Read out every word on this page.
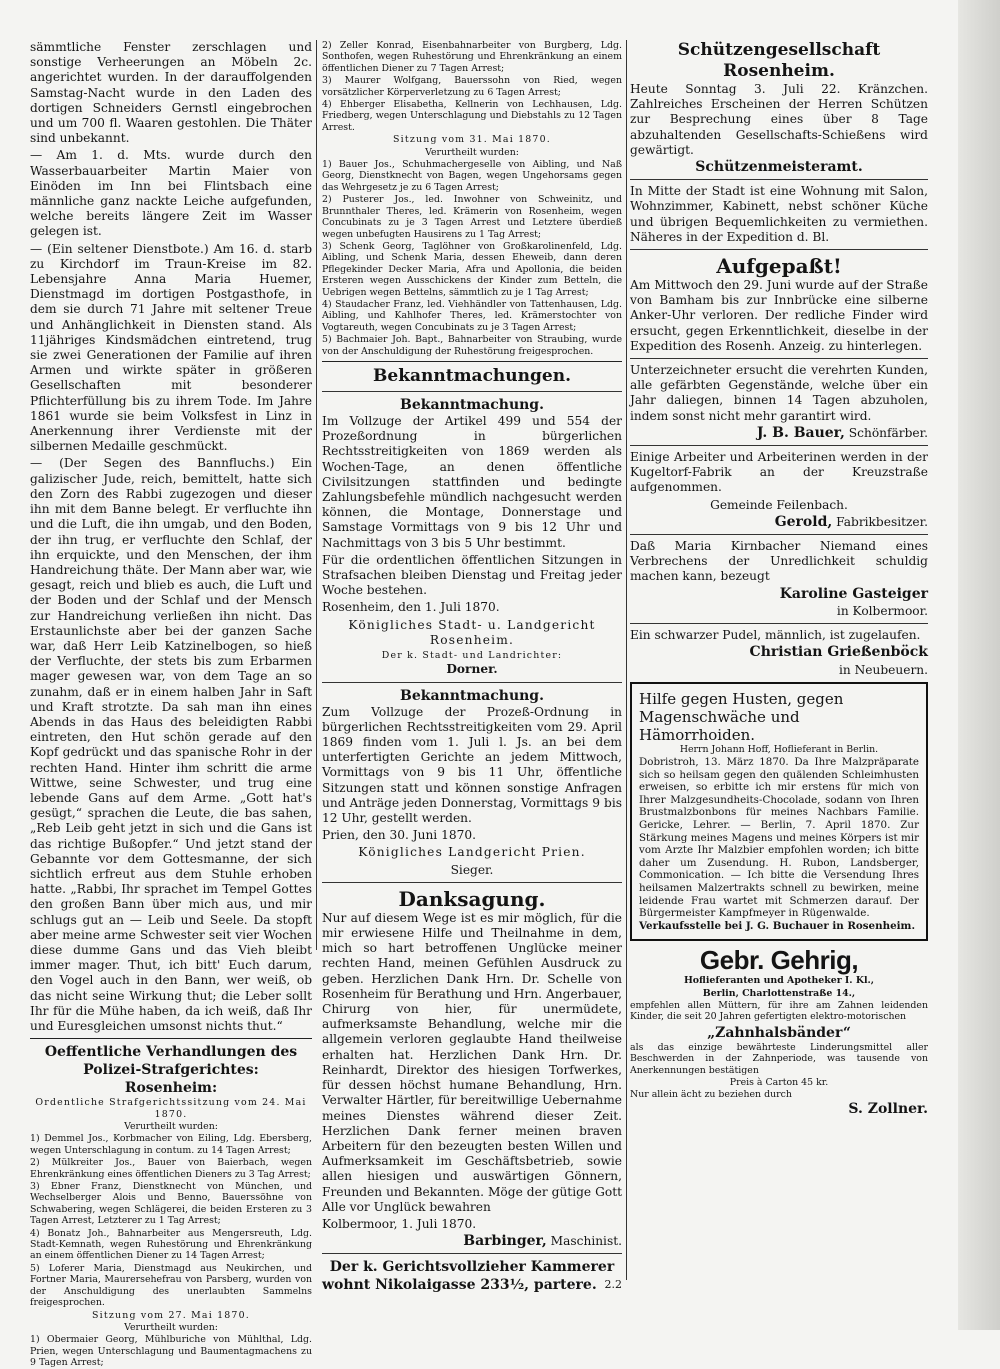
sämmtliche Fenster zerschlagen und sonstige Verheerungen an Möbeln 2c. angerichtet wurden. In der darauffolgenden Samstag-Nacht wurde in den Laden des dortigen Schneiders Gernstl eingebrochen und um 700 fl. Waaren gestohlen. Die Thäter sind unbekannt.

— Am 1. d. Mts. wurde durch den Wasserbauarbeiter Martin Maier von Einöden im Inn bei Flintsbach eine männliche ganz nackte Leiche aufgefunden, welche bereits längere Zeit im Wasser gelegen ist.

— (Ein seltener Dienstbote.) Am 16. d. starb zu Kirchdorf im Traun-Kreise im 82. Lebensjahre Anna Maria Huemer, Dienstmagd im dortigen Postgasthofe, in dem sie durch 71 Jahre mit seltener Treue und Anhänglichkeit in Diensten stand. Als 11jähriges Kindsmädchen eintretend, trug sie zwei Generationen der Familie auf ihren Armen und wirkte später in größeren Gesellschaften mit besonderer Pflichterfüllung bis zu ihrem Tode. Im Jahre 1861 wurde sie beim Volksfest in Linz in Anerkennung ihrer Verdienste mit der silbernen Medaille geschmückt.

— (Der Segen des Bannfluchs.) Ein galizischer Jude, reich, bemittelt, hatte sich den Zorn des Rabbi zugezogen und dieser ihn mit dem Banne belegt. Er verfluchte ihn und die Luft, die ihn umgab, und den Boden, der ihn trug, er verfluchte den Schlaf, der ihn erquickte, und den Menschen, der ihm Handreichung thäte. Der Mann aber war, wie gesagt, reich und blieb es auch, die Luft und der Boden und der Schlaf und der Mensch zur Handreichung verließen ihn nicht. Das Erstaunlichste aber bei der ganzen Sache war, daß Herr Leib Katzinelbogen, so hieß der Verfluchte, der stets bis zum Erbarmen mager gewesen war, von dem Tage an so zunahm, daß er in einem halben Jahr in Saft und Kraft strotzte. Da sah man ihn eines Abends in das Haus des beleidigten Rabbi eintreten, den Hut schön gerade auf den Kopf gedrückt und das spanische Rohr in der rechten Hand. Hinter ihm schritt die arme Wittwe, seine Schwester, und trug eine lebende Gans auf dem Arme. „Gott hat's gesügt,“ sprachen die Leute, die bas sahen, „Reb Leib geht jetzt in sich und die Gans ist das richtige Bußopfer.“ Und jetzt stand der Gebannte vor dem Gottesmanne, der sich sichtlich erfreut aus dem Stuhle erhoben hatte. „Rabbi, Ihr sprachet im Tempel Gottes den großen Bann über mich aus, und mir schlugs gut an — Leib und Seele. Da stopft aber meine arme Schwester seit vier Wochen diese dumme Gans und das Vieh bleibt immer mager. Thut, ich bitt' Euch darum, den Vogel auch in den Bann, wer weiß, ob das nicht seine Wirkung thut; die Leber sollt Ihr für die Mühe haben, da ich weiß, daß Ihr und Euresgleichen umsonst nichts thut.“

Oeffentliche Verhandlungen des Polizei-Strafgerichtes:

Rosenheim:

Ordentliche Strafgerichtssitzung vom 24. Mai 1870.

Verurtheilt wurden:

1) Demmel Jos., Korbmacher von Eiling, Ldg. Ebersberg, wegen Unterschlagung in contum. zu 14 Tagen Arrest;

2) Mülkreiter Jos., Bauer von Baierbach, wegen Ehrenkränkung eines öffentlichen Dieners zu 3 Tag Arrest;

3) Ebner Franz, Dienstknecht von München, und Wechselberger Alois und Benno, Bauerssöhne von Schwabering, wegen Schlägerei, die beiden Ersteren zu 3 Tagen Arrest, Letzterer zu 1 Tag Arrest;

4) Bonatz Joh., Bahnarbeiter aus Mengersreuth, Ldg. Stadt-Kemnath, wegen Ruhestörung und Ehrenkränkung an einem öffentlichen Diener zu 14 Tagen Arrest;

5) Loferer Maria, Dienstmagd aus Neukirchen, und Fortner Maria, Maurersehefrau von Parsberg, wurden von der Anschuldigung des unerlaubten Sammelns freigesprochen.

Sitzung vom 27. Mai 1870.

Verurtheilt wurden:

1) Obermaier Georg, Mühlburiche von Mühlthal, Ldg. Prien, wegen Unterschlagung und Baumentagmachens zu 9 Tagen Arrest;

2) Zeller Konrad, Eisenbahnarbeiter von Burgberg, Ldg. Sonthofen, wegen Ruhestörung und Ehrenkränkung an einem öffentlichen Diener zu 7 Tagen Arrest;

3) Maurer Wolfgang, Bauerssohn von Ried, wegen vorsätzlicher Körperverletzung zu 6 Tagen Arrest;

4) Ehberger Elisabetha, Kellnerin von Lechhausen, Ldg. Friedberg, wegen Unterschlagung und Diebstahls zu 12 Tagen Arrest.

Sitzung vom 31. Mai 1870.

Verurtheilt wurden:

1) Bauer Jos., Schuhmachergeselle von Aibling, und Naß Georg, Dienstknecht von Bagen, wegen Ungehorsams gegen das Wehrgesetz je zu 6 Tagen Arrest;

2) Pusterer Jos., led. Inwohner von Schweinitz, und Brunnthaler Theres, led. Krämerin von Rosenheim, wegen Concubinats zu je 3 Tagen Arrest und Letztere überdieß wegen unbefugten Hausirens zu 1 Tag Arrest;

3) Schenk Georg, Taglöhner von Großkarolinenfeld, Ldg. Aibling, und Schenk Maria, dessen Eheweib, dann deren Pflegekinder Decker Maria, Afra und Apollonia, die beiden Ersteren wegen Ausschickens der Kinder zum Betteln, die Uebrigen wegen Bettelns, sämmtlich zu je 1 Tag Arrest;

4) Staudacher Franz, led. Viehhändler von Tattenhausen, Ldg. Aibling, und Kahlhofer Theres, led. Krämerstochter von Vogtareuth, wegen Concubinats zu je 3 Tagen Arrest;

5) Bachmaier Joh. Bapt., Bahnarbeiter von Straubing, wurde von der Anschuldigung der Ruhestörung freigesprochen.

Bekanntmachungen.

Bekanntmachung.

Im Vollzuge der Artikel 499 und 554 der Prozeßordnung in bürgerlichen Rechtsstreitigkeiten von 1869 werden als Wochen-Tage, an denen öffentliche Civilsitzungen stattfinden und bedingte Zahlungsbefehle mündlich nachgesucht werden können, die Montage, Donnerstage und Samstage Vormittags von 9 bis 12 Uhr und Nachmittags von 3 bis 5 Uhr bestimmt.

Für die ordentlichen öffentlichen Sitzungen in Strafsachen bleiben Dienstag und Freitag jeder Woche bestehen.

Rosenheim, den 1. Juli 1870.

Königliches Stadt- u. Landgericht Rosenheim.

Der k. Stadt- und Landrichter:

Dorner.

Bekanntmachung.

Zum Vollzuge der Prozeß-Ordnung in bürgerlichen Rechtsstreitigkeiten vom 29. April 1869 finden vom 1. Juli l. Js. an bei dem unterfertigten Gerichte an jedem Mittwoch, Vormittags von 9 bis 11 Uhr, öffentliche Sitzungen statt und können sonstige Anfragen und Anträge jeden Donnerstag, Vormittags 9 bis 12 Uhr, gestellt werden.

Prien, den 30. Juni 1870.

Königliches Landgericht Prien.

Sieger.

Danksagung.

Nur auf diesem Wege ist es mir möglich, für die mir erwiesene Hilfe und Theilnahme in dem, mich so hart betroffenen Unglücke meiner rechten Hand, meinen Gefühlen Ausdruck zu geben. Herzlichen Dank Hrn. Dr. Schelle von Rosenheim für Berathung und Hrn. Angerbauer, Chirurg von hier, für unermüdete, aufmerksamste Behandlung, welche mir die allgemein verloren geglaubte Hand theilweise erhalten hat. Herzlichen Dank Hrn. Dr. Reinhardt, Direktor des hiesigen Torfwerkes, für dessen höchst humane Behandlung, Hrn. Verwalter Härtler, für bereitwillige Uebernahme meines Dienstes während dieser Zeit. Herzlichen Dank ferner meinen braven Arbeitern für den bezeugten besten Willen und Aufmerksamkeit im Geschäftsbetrieb, sowie allen hiesigen und auswärtigen Gönnern, Freunden und Bekannten. Möge der gütige Gott Alle vor Unglück bewahren

Kolbermoor, 1. Juli 1870.

Barbinger, Maschinist.

Der k. Gerichtsvollzieher Kammerer

wohnt Nikolaigasse 233½, partere. 2.2

Schützengesellschaft Rosenheim.

Heute Sonntag 3. Juli 22. Kränzchen. Zahlreiches Erscheinen der Herren Schützen zur Besprechung eines über 8 Tage abzuhaltenden Gesellschafts-Schießens wird gewärtigt.

Schützenmeisteramt.

In Mitte der Stadt ist eine Wohnung mit Salon, Wohnzimmer, Kabinett, nebst schöner Küche und übrigen Bequemlichkeiten zu vermiethen. Näheres in der Expedition d. Bl.

Aufgepaßt!

Am Mittwoch den 29. Juni wurde auf der Straße von Bamham bis zur Innbrücke eine silberne Anker-Uhr verloren. Der redliche Finder wird ersucht, gegen Erkenntlichkeit, dieselbe in der Expedition des Rosenh. Anzeig. zu hinterlegen.

Unterzeichneter ersucht die verehrten Kunden, alle gefärbten Gegenstände, welche über ein Jahr daliegen, binnen 14 Tagen abzuholen, indem sonst nicht mehr garantirt wird.

J. B. Bauer, Schönfärber.

Einige Arbeiter und Arbeiterinen werden in der Kugeltorf-Fabrik an der Kreuzstraße aufgenommen.

Gemeinde Feilenbach.

Gerold, Fabrikbesitzer.

Daß Maria Kirnbacher Niemand eines Verbrechens der Unredlichkeit schuldig machen kann, bezeugt

Karoline Gasteiger

in Kolbermoor.

Ein schwarzer Pudel, männlich, ist zugelaufen.

Christian Grießenböck

in Neubeuern.

Hilfe gegen Husten, gegen Magenschwäche und Hämorrhoiden.

Herrn Johann Hoff, Hoflieferant in Berlin.

Dobristroh, 13. März 1870. Da Ihre Malzpräparate sich so heilsam gegen den quälenden Schleimhusten erweisen, so erbitte ich mir erstens für mich von Ihrer Malzgesundheits-Chocolade, sodann von Ihren Brustmalzbonbons für meines Nachbars Familie. Gericke, Lehrer. — Berlin, 7. April 1870. Zur Stärkung meines Magens und meines Körpers ist mir vom Arzte Ihr Malzbier empfohlen worden; ich bitte daher um Zusendung. H. Rubon, Landsberger, Commonication. — Ich bitte die Versendung Ihres heilsamen Malzertrakts schnell zu bewirken, meine leidende Frau wartet mit Schmerzen darauf. Der Bürgermeister Kampfmeyer in Rügenwalde.

Verkaufsstelle bei J. G. Buchauer in Rosenheim.

Gebr. Gehrig,

Hoflieferanten und Apotheker I. Kl.,

Berlin, Charlottenstraße 14.,

empfehlen allen Müttern, für ihre am Zahnen leidenden Kinder, die seit 20 Jahren gefertigten elektro-motorischen

„Zahnhalsbänder“

als das einzige bewährteste Linderungsmittel aller Beschwerden in der Zahnperiode, was tausende von Anerkennungen bestätigen

Preis à Carton 45 kr.

Nur allein ächt zu beziehen durch

S. Zollner.
